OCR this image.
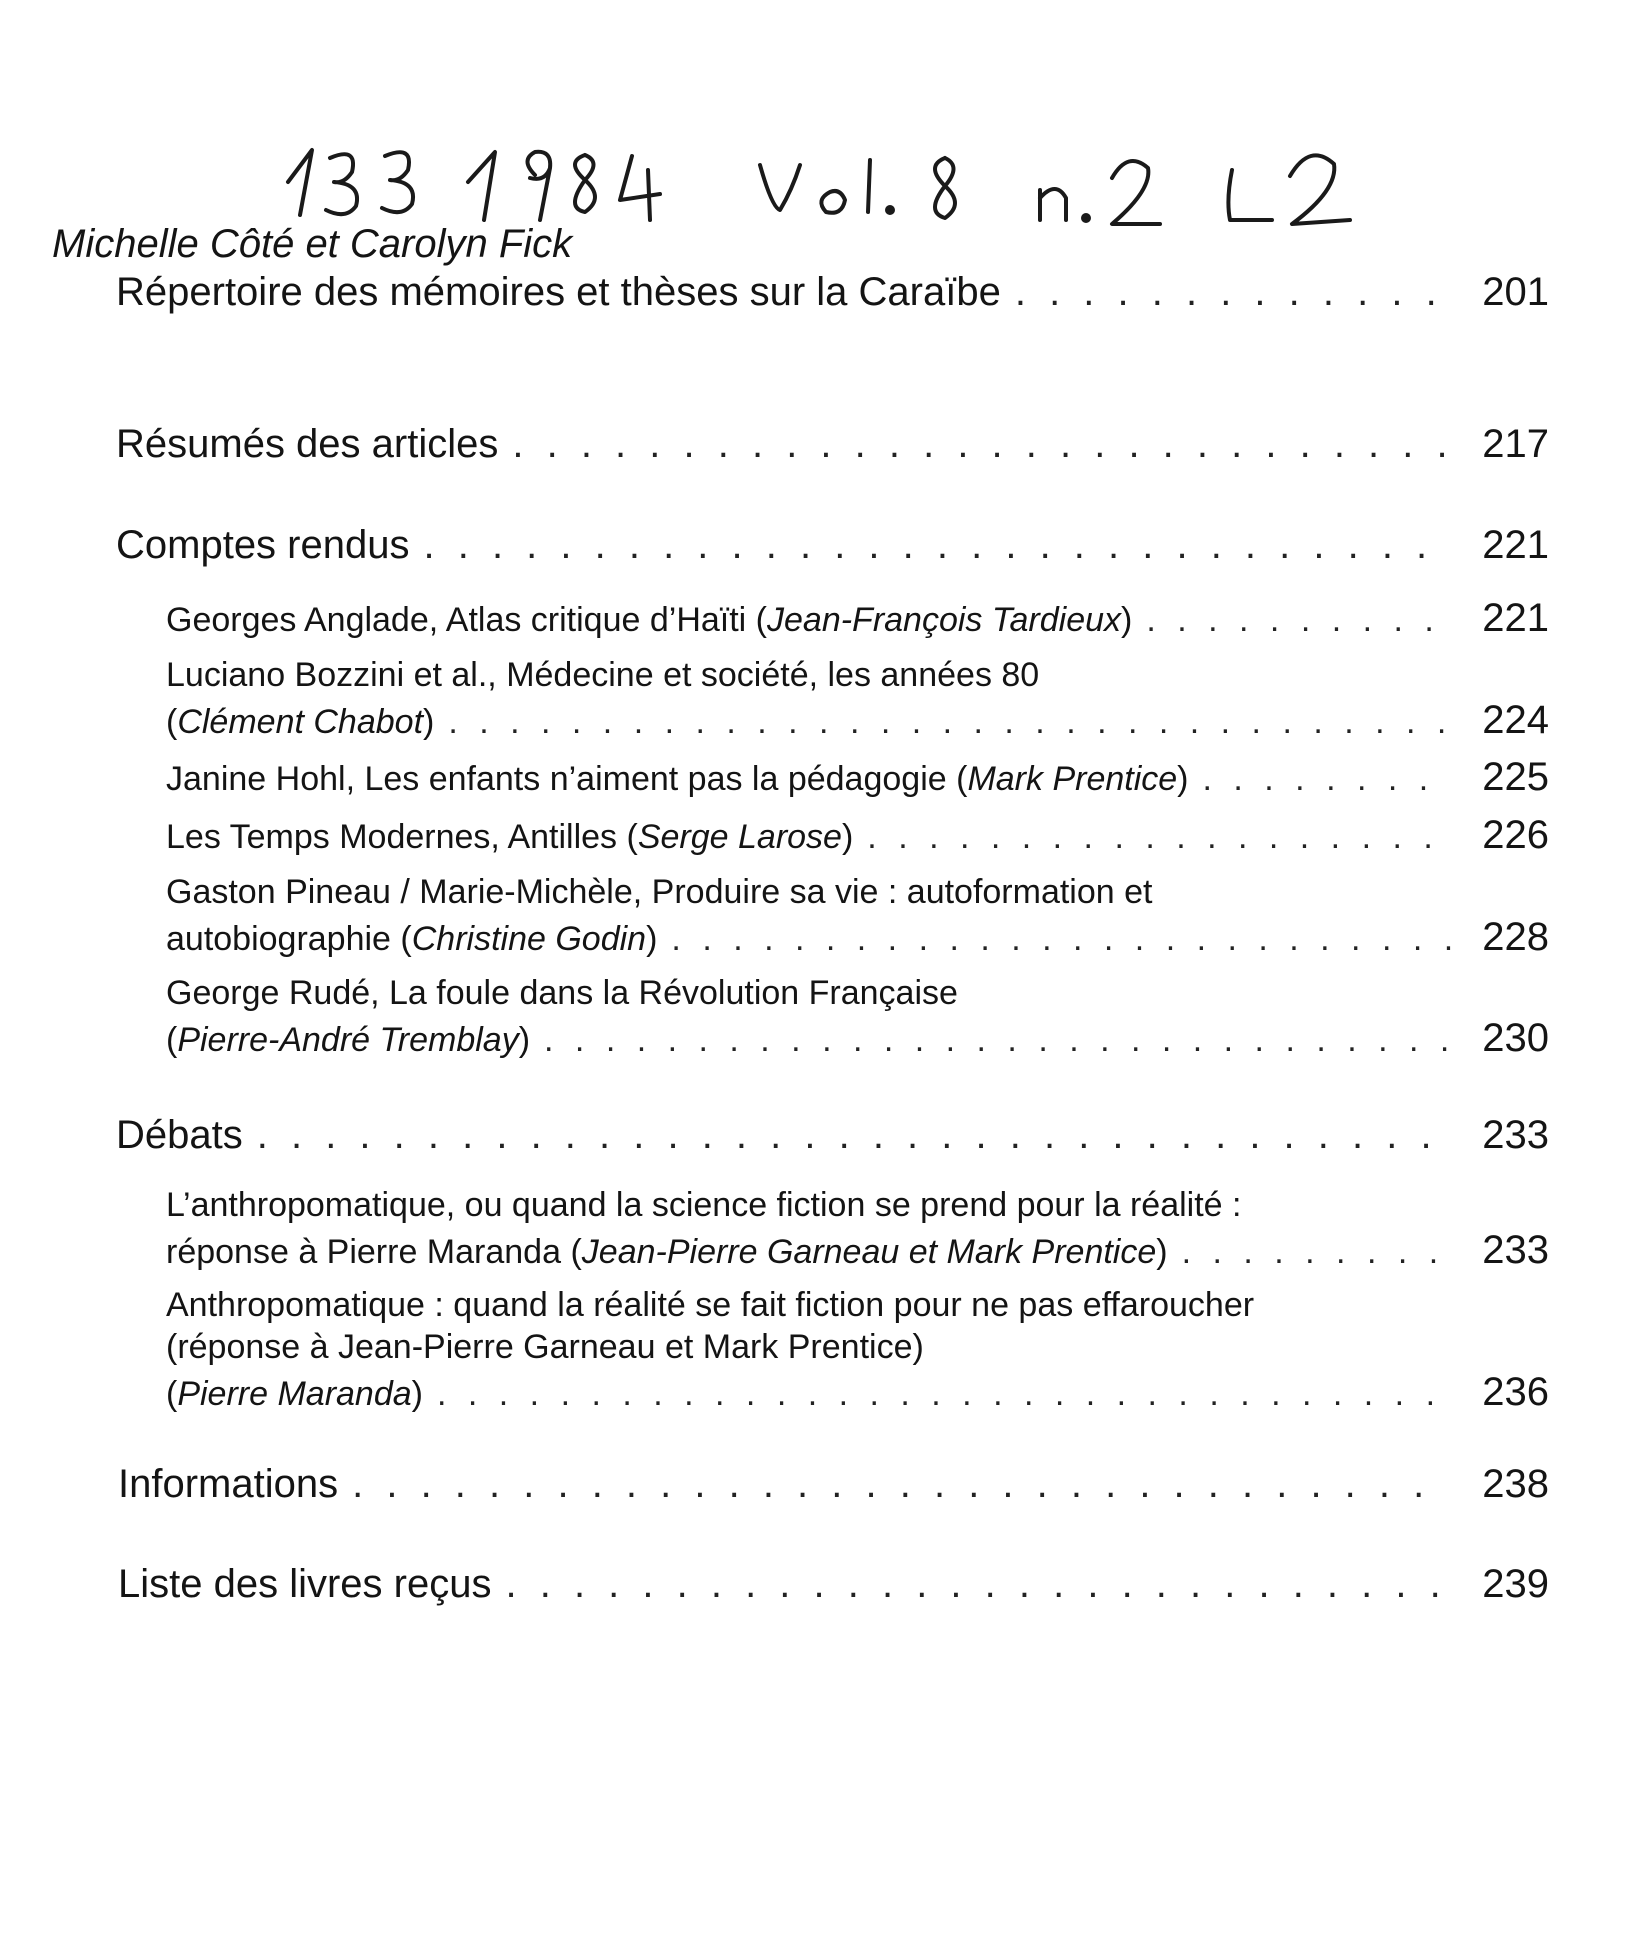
Michelle Côté et Carolyn Fick
Répertoire des mémoires et thèses sur la Caraïbe . . .	201
Résumés des articles . . .	217
Comptes rendus . . .	221
Georges Anglade, Atlas critique d’Haïti (Jean-François Tardieux) . . .	221
Luciano Bozzini et al., Médecine et société, les années 80
(Clément Chabot) . . .	224
Janine Hohl, Les enfants n’aiment pas la pédagogie (Mark Prentice) . . .	225
Les Temps Modernes, Antilles (Serge Larose) . . .	226
Gaston Pineau / Marie-Michèle, Produire sa vie : autoformation et
autobiographie (Christine Godin) . . .	228
George Rudé, La foule dans la Révolution Française
(Pierre-André Tremblay) . . .	230
Débats . . .	233
L’anthropomatique, ou quand la science fiction se prend pour la réalité :
réponse à Pierre Maranda (Jean-Pierre Garneau et Mark Prentice) . . .	233
Anthropomatique : quand la réalité se fait fiction pour ne pas effaroucher
(réponse à Jean-Pierre Garneau et Mark Prentice)
(Pierre Maranda) . . .	236
Informations . . .	238
Liste des livres reçus . . .	239
